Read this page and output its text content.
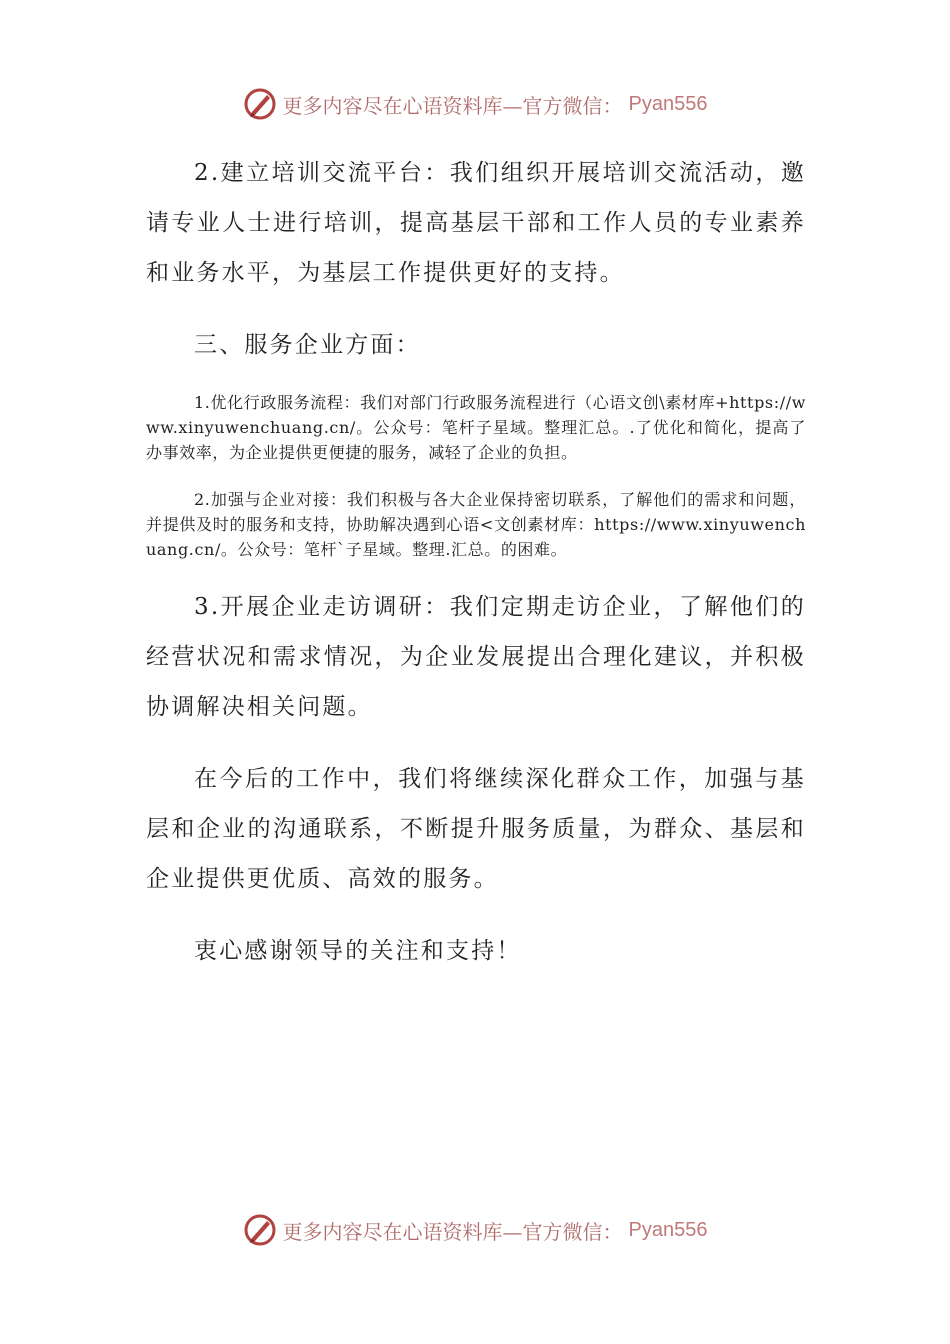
更多内容尽在心语资料库—官方微信： Pyan556

2.建立培训交流平台：我们组织开展培训交流活动，邀请专业人士进行培训，提高基层干部和工作人员的专业素养和业务水平，为基层工作提供更好的支持。

三、服务企业方面：

1.优化行政服务流程：我们对部门行政服务流程进行（心语文创\素材库+https://www.xinyuwenchuang.cn/。公众号：笔杆子星域。整理汇总。.了优化和简化，提高了办事效率，为企业提供更便捷的服务，减轻了企业的负担。

2.加强与企业对接：我们积极与各大企业保持密切联系，了解他们的需求和问题，并提供及时的服务和支持，协助解决遇到心语<文创素材库：https://www.xinyuwenchuang.cn/。公众号：笔杆`子星域。整理.汇总。的困难。

3.开展企业走访调研：我们定期走访企业，了解他们的经营状况和需求情况，为企业发展提出合理化建议，并积极协调解决相关问题。

在今后的工作中，我们将继续深化群众工作，加强与基层和企业的沟通联系，不断提升服务质量，为群众、基层和企业提供更优质、高效的服务。

衷心感谢领导的关注和支持！

更多内容尽在心语资料库—官方微信： Pyan556
